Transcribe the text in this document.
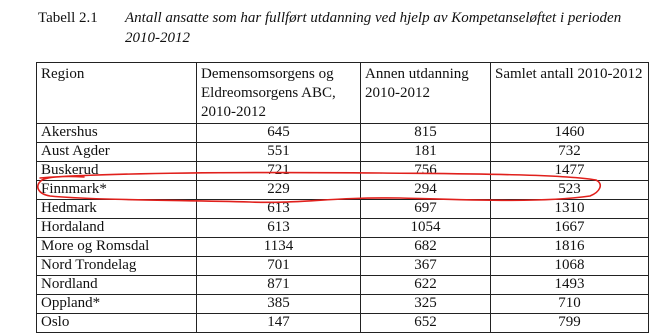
Tabell 2.1 Antall ansatte som har fullført utdanning ved hjelp av Kompetanseløftet i perioden 2010-2012
Region	Demensomsorgens og Eldreomsorgens ABC, 2010-2012	Annen utdanning 2010-2012	Samlet antall 2010-2012
Akershus	645	815	1460
Aust Agder	551	181	732
Buskerud	721	756	1477
Finnmark*	229	294	523
Hedmark	613	697	1310
Hordaland	613	1054	1667
More og Romsdal	1134	682	1816
Nord Trondelag	701	367	1068
Nordland	871	622	1493
Oppland*	385	325	710
Oslo	147	652	799
